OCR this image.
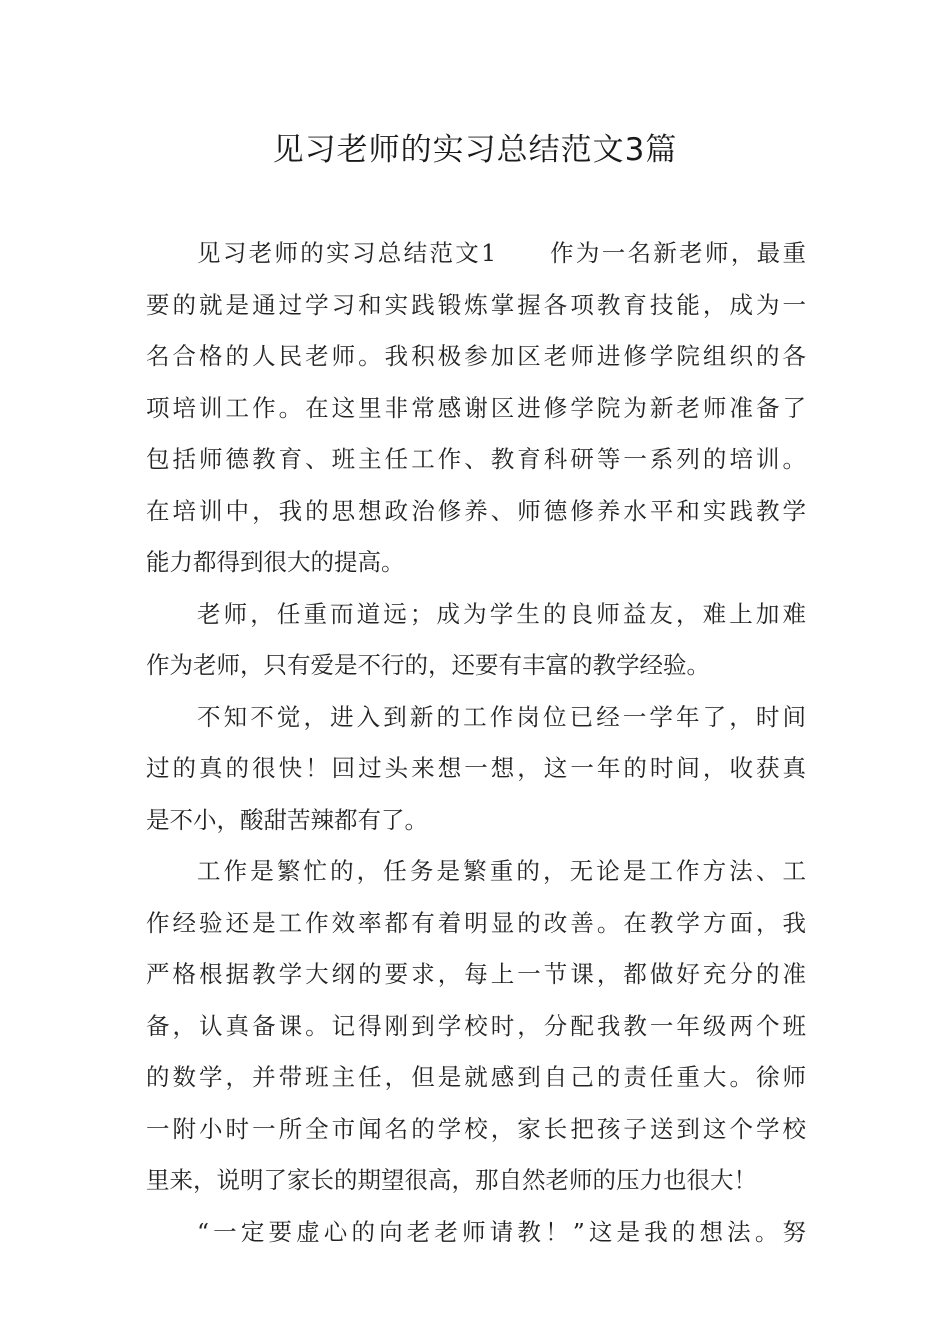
见习老师的实习总结范文3篇
见习老师的实习总结范文1　　作为一名新老师，最重
要的就是通过学习和实践锻炼掌握各项教育技能，成为一
名合格的人民老师。我积极参加区老师进修学院组织的各
项培训工作。在这里非常感谢区进修学院为新老师准备了
包括师德教育、班主任工作、教育科研等一系列的培训。
在培训中，我的思想政治修养、师德修养水平和实践教学
能力都得到很大的提高。
老师，任重而道远；成为学生的良师益友，难上加难
作为老师，只有爱是不行的，还要有丰富的教学经验。
不知不觉，进入到新的工作岗位已经一学年了，时间
过的真的很快！回过头来想一想，这一年的时间，收获真
是不小，酸甜苦辣都有了。
工作是繁忙的，任务是繁重的，无论是工作方法、工
作经验还是工作效率都有着明显的改善。在教学方面，我
严格根据教学大纲的要求，每上一节课，都做好充分的准
备，认真备课。记得刚到学校时，分配我教一年级两个班
的数学，并带班主任，但是就感到自己的责任重大。徐师
一附小时一所全市闻名的学校，家长把孩子送到这个学校
里来，说明了家长的期望很高，那自然老师的压力也很大！
“一定要虚心的向老老师请教！”这是我的想法。努
